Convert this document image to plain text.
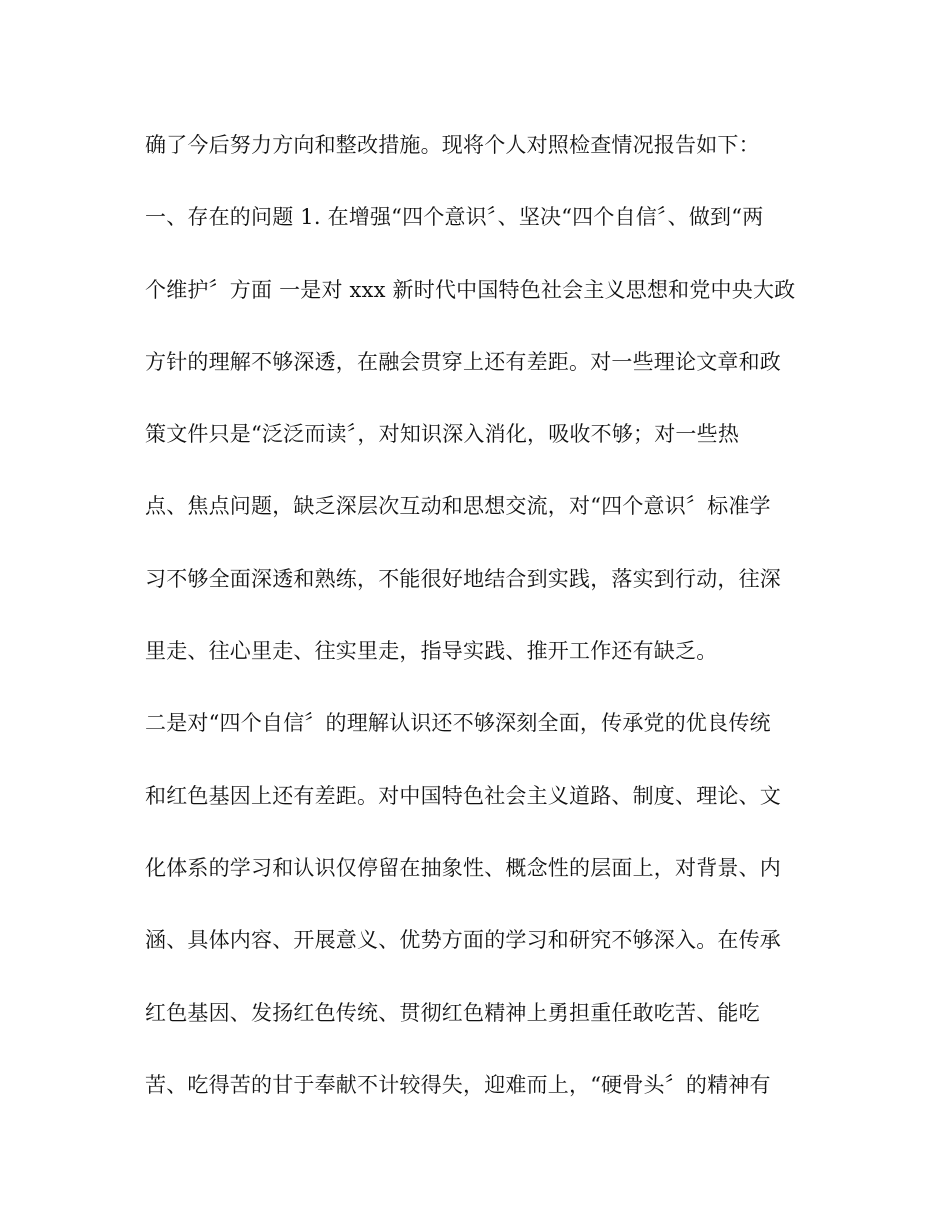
确了今后努力方向和整改措施。现将个人对照检查情况报告如下：
一、存在的问题 1. 在增强“四个意识〞、坚决“四个自信〞、做到“两
个维护〞方面 一是对 xxx 新时代中国特色社会主义思想和党中央大政
方针的理解不够深透，在融会贯穿上还有差距。对一些理论文章和政
策文件只是“泛泛而读〞，对知识深入消化，吸收不够；对一些热
点、焦点问题，缺乏深层次互动和思想交流，对“四个意识〞标准学
习不够全面深透和熟练，不能很好地结合到实践，落实到行动，往深
里走、往心里走、往实里走，指导实践、推开工作还有缺乏。
二是对“四个自信〞的理解认识还不够深刻全面，传承党的优良传统
和红色基因上还有差距。对中国特色社会主义道路、制度、理论、文
化体系的学习和认识仅停留在抽象性、概念性的层面上，对背景、内
涵、具体内容、开展意义、优势方面的学习和研究不够深入。在传承
红色基因、发扬红色传统、贯彻红色精神上勇担重任敢吃苦、能吃
苦、吃得苦的甘于奉献不计较得失，迎难而上，“硬骨头〞的精神有
